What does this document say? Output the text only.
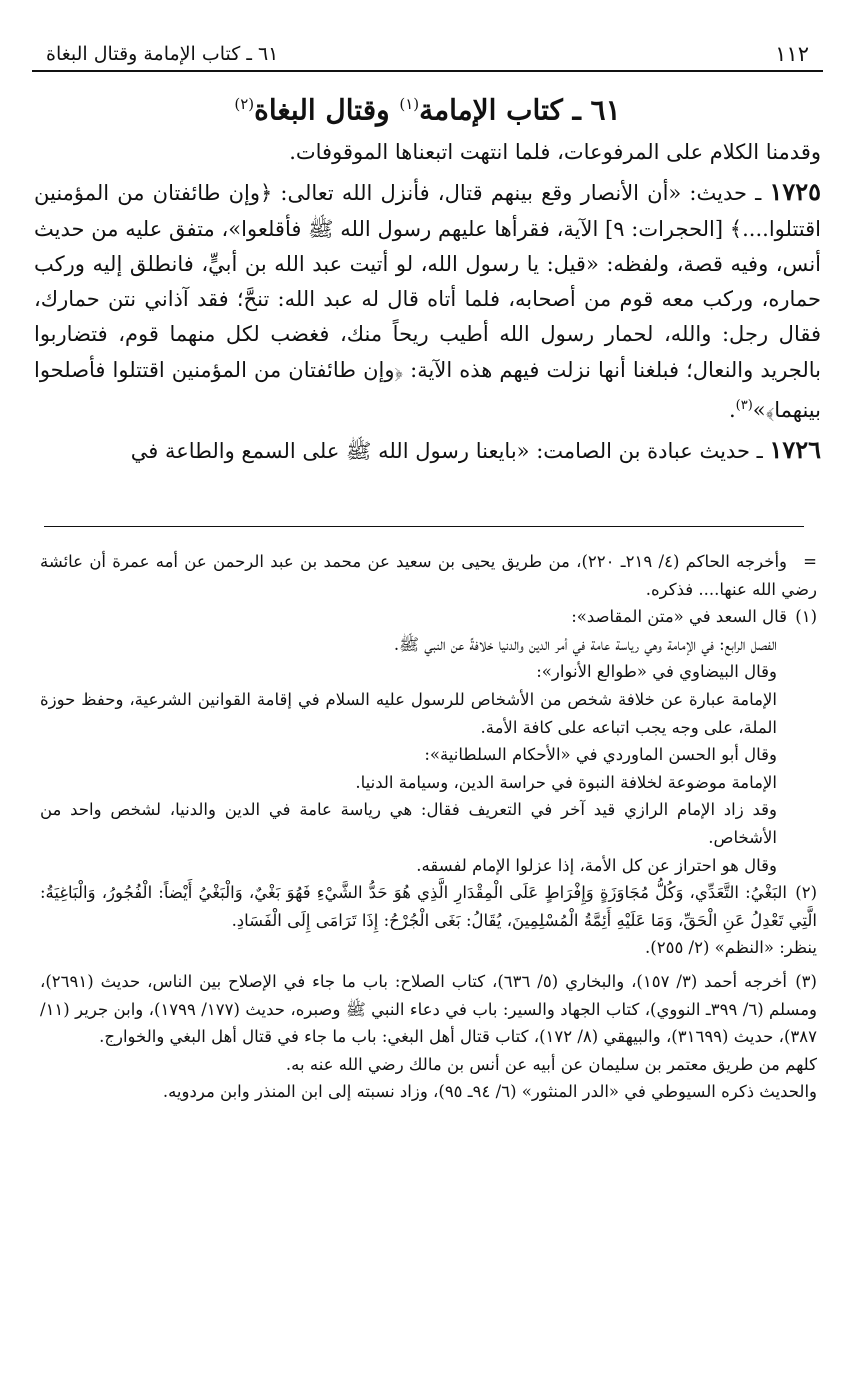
١١٢
٦١ ـ كتاب الإمامة وقتال البغاة
٦١ ـ كتاب الإمامة$^{(١)}$ وقتال البغاة$^{(٢)}$

وقدمنا الكلام على المرفوعات، فلما انتهت اتبعناها الموقوفات.

١٧٢٥ ـ حديث: «أن الأنصار وقع بينهم قتال، فأنزل الله تعالى: ﴿وإن طائفتان من المؤمنين اقتتلوا....﴾ [الحجرات: ٩] الآية، فقرأها عليهم رسول الله ﷺ فأقلعوا»، متفق عليه من حديث أنس، وفيه قصة، ولفظه: «قيل: يا رسول الله، لو أتيت عبد الله بن أبيٍّ، فانطلق إليه وركب حماره، وركب معه قوم من أصحابه، فلما أتاه قال له عبد الله: تنحَّ؛ فقد آذاني نتن حمارك، فقال رجل: والله، لحمار رسول الله أطيب ريحاً منك، فغضب لكل منهما قوم، فتضاربوا بالجريد والنعال؛ فبلغنا أنها نزلت فيهم هذه الآية: ﴿وإن طائفتان من المؤمنين اقتتلوا فأصلحوا بينهما﴾»$^{(٣)}$.

١٧٢٦ ـ حديث عبادة بن الصامت: «بايعنا رسول الله ﷺ على السمع والطاعة في

=وأخرجه الحاكم (٤/ ٢١٩ـ ٢٢٠)، من طريق يحيى بن سعيد عن محمد بن عبد الرحمن عن أمه عمرة أن عائشة رضي الله عنها.... فذكره.

(١)قال السعد في «متن المقاصد»:

الفصل الرابع: في الإمامة وهي رياسة عامة في أمر الدين والدنيا خلافةً عن النبي ﷺ.

وقال البيضاوي في «طوالع الأنوار»:

الإمامة عبارة عن خلافة شخص من الأشخاص للرسول عليه السلام في إقامة القوانين الشرعية، وحفظ حوزة الملة، على وجه يجب اتباعه على كافة الأمة.

وقال أبو الحسن الماوردي في «الأحكام السلطانية»:

الإمامة موضوعة لخلافة النبوة في حراسة الدين، وسيامة الدنيا.

وقد زاد الإمام الرازي قيد آخر في التعريف فقال: هي رياسة عامة في الدين والدنيا، لشخص واحد من الأشخاص.

وقال هو احتراز عن كل الأمة، إذا عزلوا الإمام لفسقه.

(٢)البَغْيُ: التَّعَدِّي، وَكُلُّ مُجَاوَزَةٍ وَإِفْرَاطٍ عَلَى الْمِقْدَارِ الَّذِي هُوَ حَدُّ الشَّيْءِ فَهُوَ بَغْيٌ، وَالْبَغْيُ أَيْضاً: الْفُجُورُ، وَالْبَاغِيَةُ: الَّتِي تَعْدِلُ عَنِ الْحَقِّ، وَمَا عَلَيْهِ أَئِمَّةُ الْمُسْلِمِينَ، يُقَالُ: بَغَى الْجُرْحُ: إِذَا تَرَامَى إِلَى الْفَسَادِ.

ينظر: «النظم» (٢/ ٢٥٥).

(٣)أخرجه أحمد (٣/ ١٥٧)، والبخاري (٥/ ٦٣٦)، كتاب الصلاح: باب ما جاء في الإصلاح بين الناس، حديث (٢٦٩١)، ومسلم (٦/ ٣٩٩ـ النووي)، كتاب الجهاد والسير: باب في دعاء النبي ﷺ وصبره، حديث (١٧٧/ ١٧٩٩)، وابن جرير (١١/ ٣٨٧)، حديث (٣١٦٩٩)، والبيهقي (٨/ ١٧٢)، كتاب قتال أهل البغي: باب ما جاء في قتال أهل البغي والخوارج.

كلهم من طريق معتمر بن سليمان عن أبيه عن أنس بن مالك رضي الله عنه به.

والحديث ذكره السيوطي في «الدر المنثور» (٦/ ٩٤ـ ٩٥)، وزاد نسبته إلى ابن المنذر وابن مردويه.
